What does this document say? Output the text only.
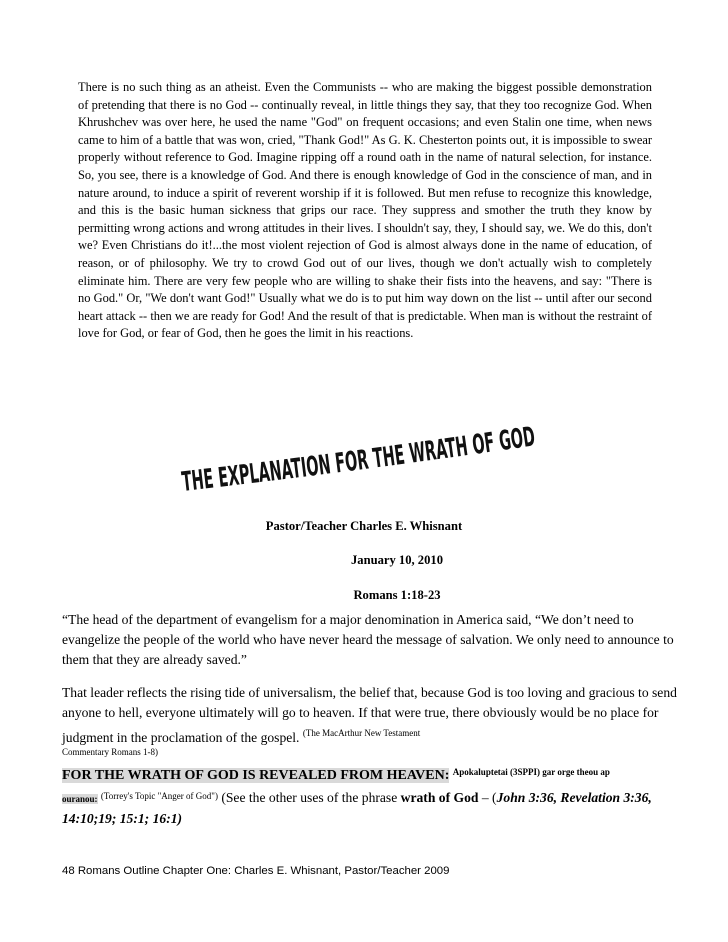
There is no such thing as an atheist. Even the Communists -- who are making the biggest possible demonstration of pretending that there is no God -- continually reveal, in little things they say, that they too recognize God. When Khrushchev was over here, he used the name "God" on frequent occasions; and even Stalin one time, when news came to him of a battle that was won, cried, "Thank God!" As G. K. Chesterton points out, it is impossible to swear properly without reference to God. Imagine ripping off a round oath in the name of natural selection, for instance. So, you see, there is a knowledge of God. And there is enough knowledge of God in the conscience of man, and in nature around, to induce a spirit of reverent worship if it is followed. But men refuse to recognize this knowledge, and this is the basic human sickness that grips our race. They suppress and smother the truth they know by permitting wrong actions and wrong attitudes in their lives. I shouldn't say, they, I should say, we. We do this, don't we? Even Christians do it!...the most violent rejection of God is almost always done in the name of education, of reason, or of philosophy. We try to crowd God out of our lives, though we don't actually wish to completely eliminate him. There are very few people who are willing to shake their fists into the heavens, and say: "There is no God." Or, "We don't want God!" Usually what we do is to put him way down on the list -- until after our second heart attack -- then we are ready for God! And the result of that is predictable. When man is without the restraint of love for God, or fear of God, then he goes the limit in his reactions.
THE EXPLANATION FOR THE WRATH OF GOD
Pastor/Teacher Charles E. Whisnant
January 10, 2010
Romans 1:18-23
“The head of the department of evangelism for a major denomination in America said, “We don’t need to evangelize the people of the world who have never heard the message of salvation. We only need to announce to them that they are already saved.”
That leader reflects the rising tide of universalism, the belief that, because God is too loving and gracious to send anyone to hell, everyone ultimately will go to heaven. If that were true, there obviously would be no place for judgment in the proclamation of the gospel. $^{(The MacArthur New Testament}$
Commentary Romans 1-8)
FOR THE WRATH OF GOD IS REVEALED FROM HEAVEN: $^{Apokaluptetai (3SPPI) gar orge theou ap}$
ouranou: $^{(Torrey's Topic "Anger of God")}$ (See the other uses of the phrase wrath of God – (John 3:36, Revelation 3:36, 14:10;19; 15:1; 16:1)
48 Romans Outline Chapter One: Charles E. Whisnant, Pastor/Teacher 2009
